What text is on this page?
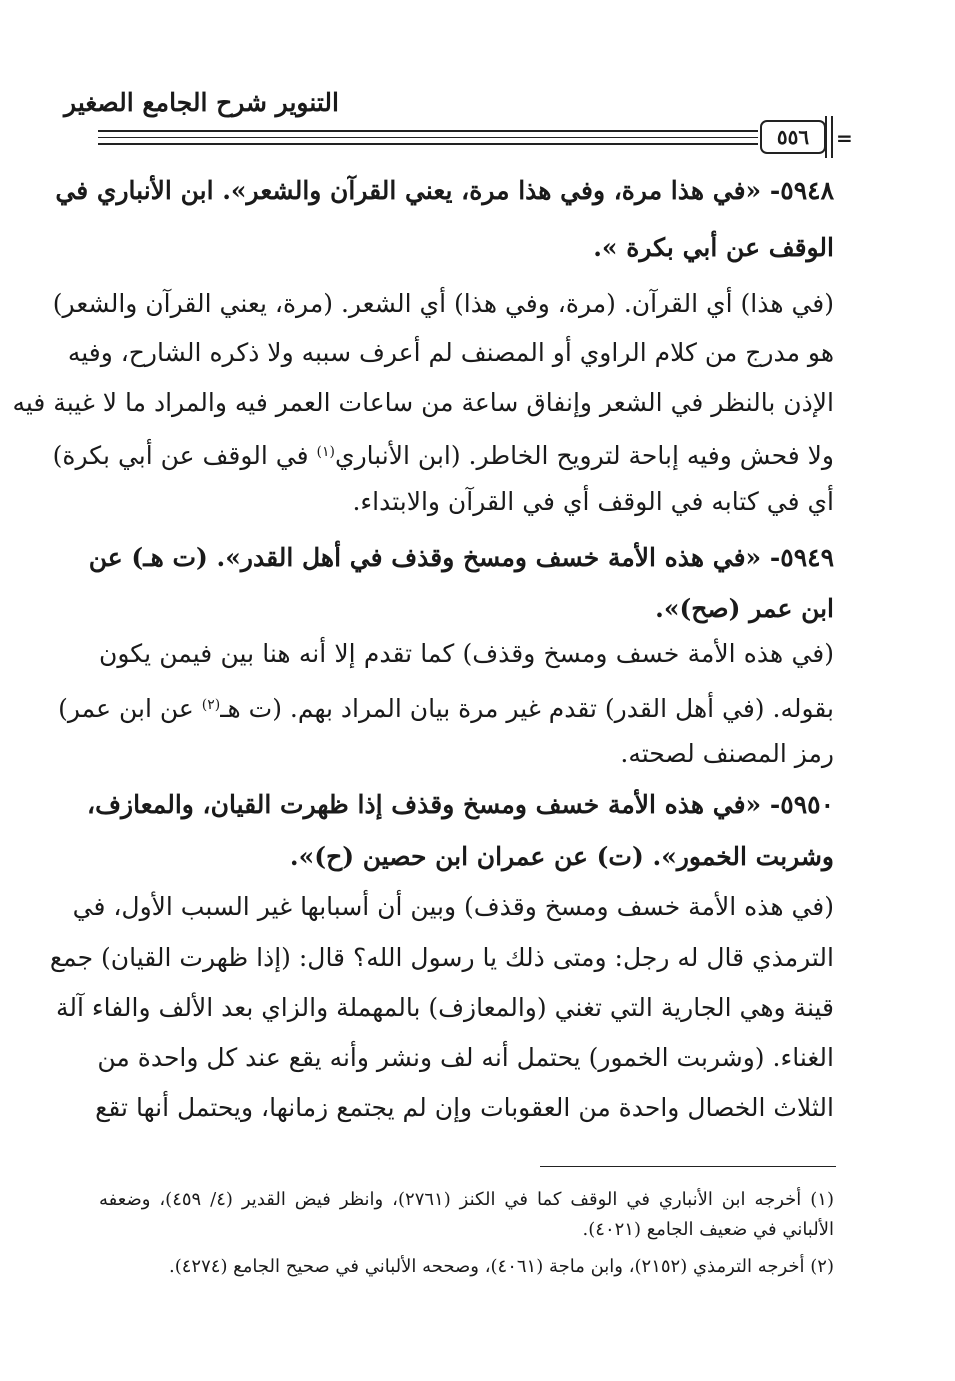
التنوير شرح الجامع الصغير
٥٥٦ =
٥٩٤٨- «في هذا مرة، وفي هذا مرة، يعني القرآن والشعر». ابن الأنباري في
الوقف عن أبي بكرة ».
(في هذا) أي القرآن. (مرة، وفي هذا) أي الشعر. (مرة، يعني القرآن والشعر)
هو مدرج من كلام الراوي أو المصنف لم أعرف سببه ولا ذكره الشارح، وفيه
الإذن بالنظر في الشعر وإنفاق ساعة من ساعات العمر فيه والمراد ما لا غيبة فيه
ولا فحش وفيه إباحة لترويح الخاطر. (ابن الأنباري$^{(١)}$ في الوقف عن أبي بكرة)
أي في كتابه في الوقف أي في القرآن والابتداء.
٥٩٤٩- «في هذه الأمة خسف ومسخ وقذف في أهل القدر». (ت هـ) عن
ابن عمر (صح)».
(في هذه الأمة خسف ومسخ وقذف) كما تقدم إلا أنه هنا بين فيمن يكون
بقوله. (في أهل القدر) تقدم غير مرة بيان المراد بهم. (ت هـ$^{(٢)}$ عن ابن عمر)
رمز المصنف لصحته.
٥٩٥٠- «في هذه الأمة خسف ومسخ وقذف إذا ظهرت القيان، والمعازف،
وشربت الخمور». (ت) عن عمران ابن حصين (ح)».
(في هذه الأمة خسف ومسخ وقذف) وبين أن أسبابها غير السبب الأول، في
الترمذي قال له رجل: ومتى ذلك يا رسول الله؟ قال: (إذا ظهرت القيان) جمع
قينة وهي الجارية التي تغني (والمعازف) بالمهملة والزاي بعد الألف والفاء آلة
الغناء. (وشربت الخمور) يحتمل أنه لف ونشر وأنه يقع عند كل واحدة من
الثلاث الخصال واحدة من العقوبات وإن لم يجتمع زمانها، ويحتمل أنها تقع
(١) أخرجه ابن الأنباري في الوقف كما في الكنز (٢٧٦١)، وانظر فيض القدير (٤/ ٤٥٩)، وضعفه
الألباني في ضعيف الجامع (٤٠٢١).
(٢) أخرجه الترمذي (٢١٥٢)، وابن ماجة (٤٠٦١)، وصححه الألباني في صحيح الجامع (٤٢٧٤).
